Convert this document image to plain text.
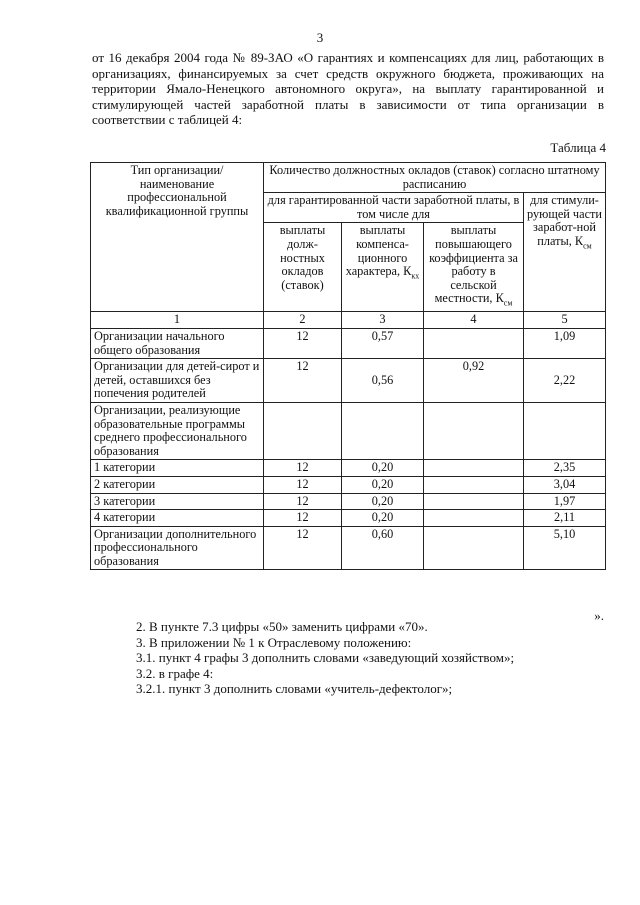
3
от 16 декабря 2004 года № 89-ЗАО «О гарантиях и компенсациях для лиц, работающих в организациях, финансируемых за счет средств окружного бюджета, проживающих на территории Ямало-Ненецкого автономного округа», на выплату гарантированной и стимулирующей частей заработной платы в зависимости от типа организации в соответствии с таблицей 4:
Таблица 4
Тип организации/ наименование профессиональной квалификационной группы	Количество должностных окладов (ставок) согласно штатному расписанию			
	для гарантированной части заработной платы, в том числе для			для стимули-рующей части заработ-ной платы, $К_{см}$
	выплаты долж-ностных окладов (ставок)	выплаты компенса-ционного характера, $К_{кх}$	выплаты повышающего коэффициента за работу в сельской местности, $К_{см}$
1	2	3	4	5
Организации начального общего образования	12	0,57		1,09
Организации для детей-сирот и детей, оставшихся без попечения родителей	12	0,56	0,92	2,22
Организации, реализующие образовательные программы среднего профессионального образования				
1 категории	12	0,20		2,35
2 категории	12	0,20		3,04
3 категории	12	0,20		1,97
4 категории	12	0,20		2,11
Организации дополнительного профессионального образования	12	0,60		5,10
».

2. В пункте 7.3 цифры «50» заменить цифрами «70».

3. В приложении № 1 к Отраслевому положению:

3.1. пункт 4 графы 3 дополнить словами «заведующий хозяйством»;

3.2. в графе 4:

3.2.1. пункт 3 дополнить словами «учитель-дефектолог»;
